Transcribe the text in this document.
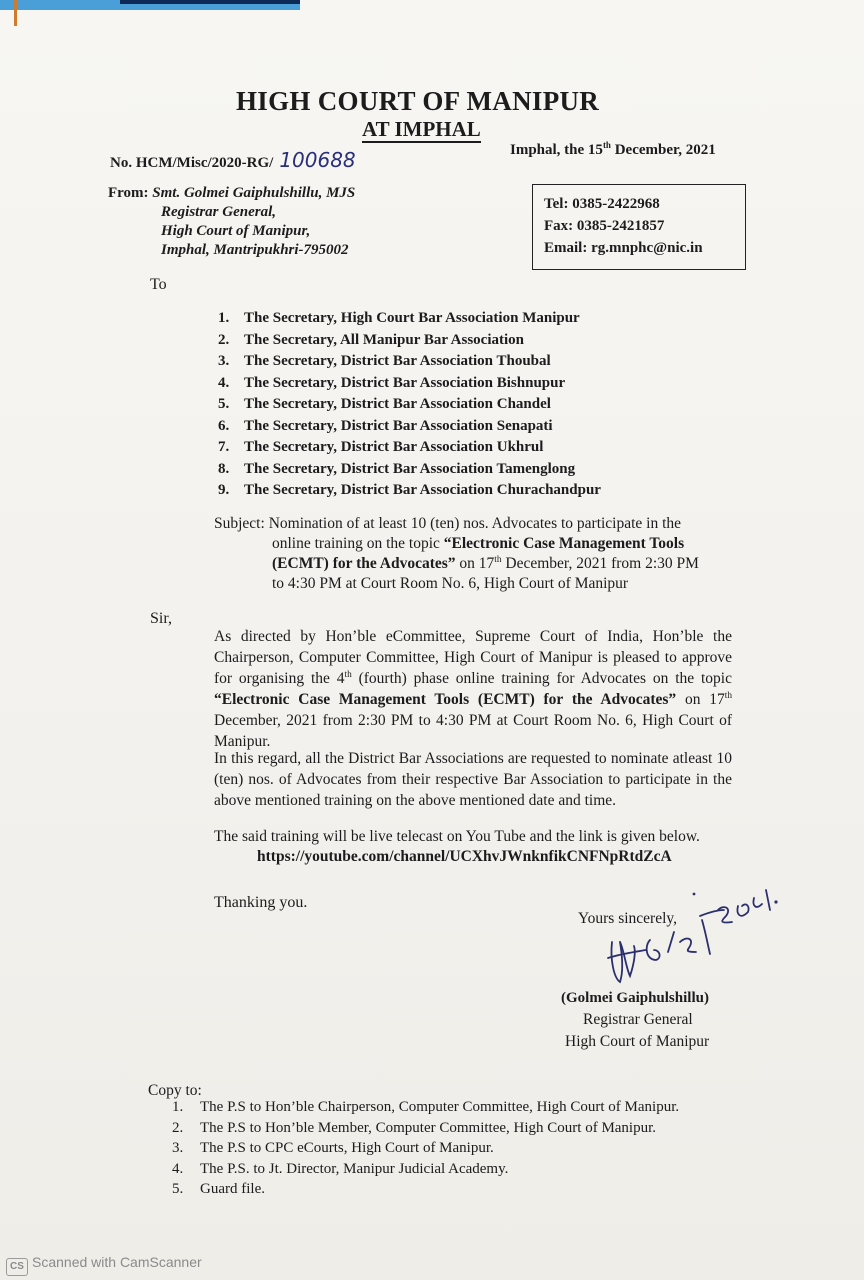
HIGH COURT OF MANIPUR
AT IMPHAL
No. HCM/Misc/2020-RG/ 100688	Imphal, the 15th December, 2021
From: Smt. Golmei Gaiphulshillu, MJS
Registrar General,
High Court of Manipur,
Imphal, Mantripukhri-795002
Tel: 0385-2422968
Fax: 0385-2421857
Email: rg.mnphc@nic.in
To
1. The Secretary, High Court Bar Association Manipur
2. The Secretary, All Manipur Bar Association
3. The Secretary, District Bar Association Thoubal
4. The Secretary, District Bar Association Bishnupur
5. The Secretary, District Bar Association Chandel
6. The Secretary, District Bar Association Senapati
7. The Secretary, District Bar Association Ukhrul
8. The Secretary, District Bar Association Tamenglong
9. The Secretary, District Bar Association Churachandpur
Subject: Nomination of at least 10 (ten) nos. Advocates to participate in the
online training on the topic “Electronic Case Management Tools
(ECMT) for the Advocates” on 17th December, 2021 from 2:30 PM
to 4:30 PM at Court Room No. 6, High Court of Manipur
Sir,
As directed by Hon’ble eCommittee, Supreme Court of India, Hon’ble the Chairperson, Computer Committee, High Court of Manipur is pleased to approve for organising the 4th (fourth) phase online training for Advocates on the topic “Electronic Case Management Tools (ECMT) for the Advocates” on 17th December, 2021 from 2:30 PM to 4:30 PM at Court Room No. 6, High Court of Manipur.
In this regard, all the District Bar Associations are requested to nominate atleast 10 (ten) nos. of Advocates from their respective Bar Association to participate in the above mentioned training on the above mentioned date and time.
The said training will be live telecast on You Tube and the link is given below.
https://youtube.com/channel/UCXhvJWnknfikCNFNpRtdZcA
Thanking you.
Yours sincerely,
(Golmei Gaiphulshillu)
Registrar General
High Court of Manipur
Copy to:
1. The P.S to Hon’ble Chairperson, Computer Committee, High Court of Manipur.
2. The P.S to Hon’ble Member, Computer Committee, High Court of Manipur.
3. The P.S to CPC eCourts, High Court of Manipur.
4. The P.S. to Jt. Director, Manipur Judicial Academy.
5. Guard file.
CS Scanned with CamScanner
